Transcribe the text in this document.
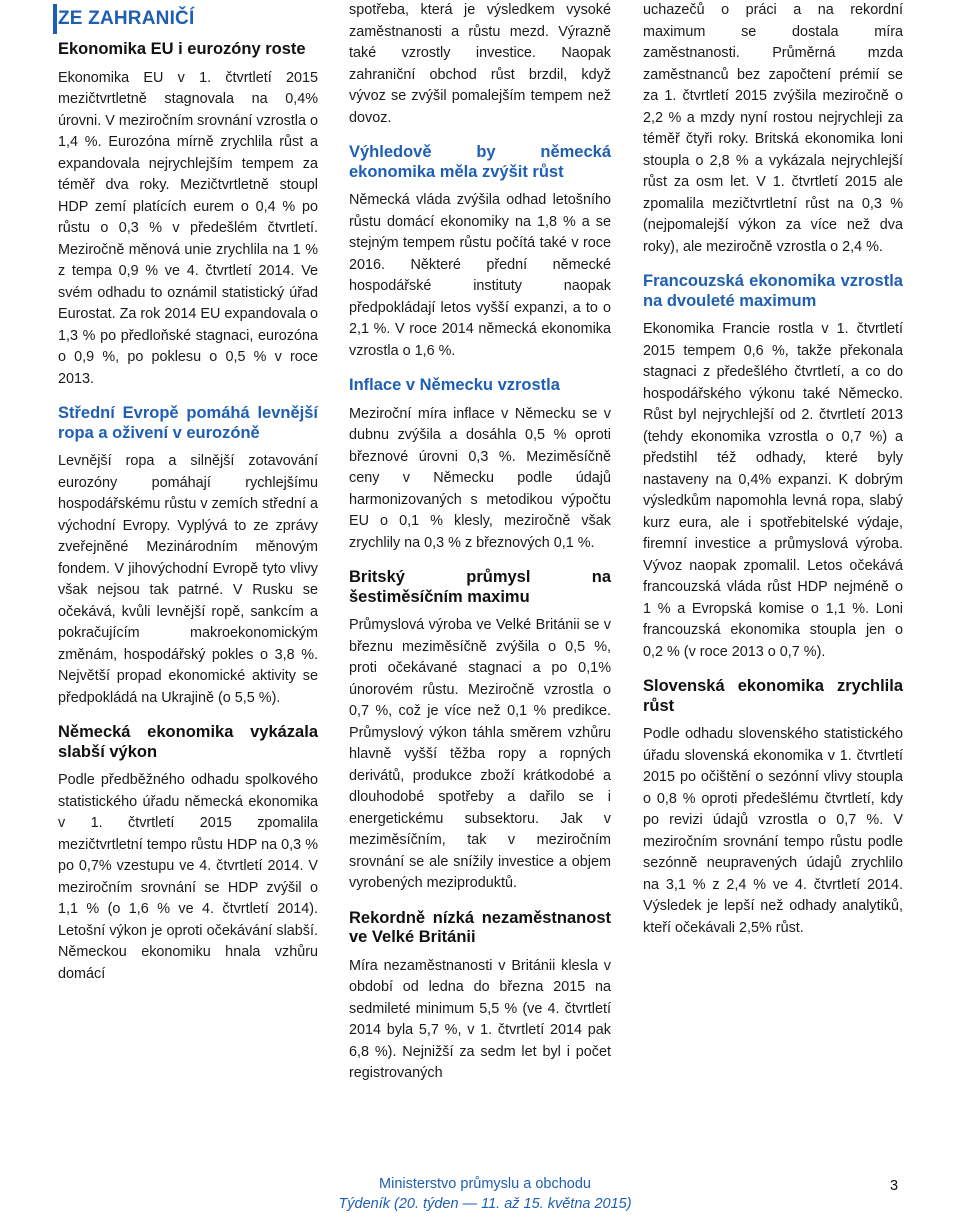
ZE ZAHRANIČÍ
Ekonomika EU i eurozóny roste

Ekonomika EU v 1. čtvrtletí 2015 mezičtvrtletně stagnovala na 0,4% úrovni. V meziročním srovnání vzrostla o 1,4 %. Eurozóna mírně zrychlila růst a expandovala nejrychlejším tempem za téměř dva roky. Mezičtvrtletně stoupl HDP zemí platících eurem o 0,4 % po růstu o 0,3 % v předešlém čtvrtletí. Meziročně měnová unie zrychlila na 1 % z tempa 0,9 % ve 4. čtvrtletí 2014. Ve svém odhadu to oznámil statistický úřad Eurostat. Za rok 2014 EU expandovala o 1,3 % po předloňské stagnaci, eurozóna o 0,9 %, po poklesu o 0,5 % v roce 2013.

Střední Evropě pomáhá levnější ropa a oživení v eurozóně

Levnější ropa a silnější zotavování eurozóny pomáhají rychlejšímu hospodářskému růstu v zemích střední a východní Evropy. Vyplývá to ze zprávy zveřejněné Mezinárodním měnovým fondem. V jihovýchodní Evropě tyto vlivy však nejsou tak patrné. V Rusku se očekává, kvůli levnější ropě, sankcím a pokračujícím makroekonomickým změnám, hospodářský pokles o 3,8 %. Největší propad ekonomické aktivity se předpokládá na Ukrajině (o 5,5 %).

Německá ekonomika vykázala slabší výkon

Podle předběžného odhadu spolkového statistického úřadu německá ekonomika v 1. čtvrtletí 2015 zpomalila mezičtvrtletní tempo růstu HDP na 0,3 % po 0,7% vzestupu ve 4. čtvrtletí 2014. V meziročním srovnání se HDP zvýšil o 1,1 % (o 1,6 % ve 4. čtvrtletí 2014). Letošní výkon je oproti očekávání slabší. Německou ekonomiku hnala vzhůru domácí

spotřeba, která je výsledkem vysoké zaměstnanosti a růstu mezd. Výrazně také vzrostly investice. Naopak zahraniční obchod růst brzdil, když vývoz se zvýšil pomalejším tempem než dovoz.

Výhledově by německá ekonomika měla zvýšit růst

Německá vláda zvýšila odhad letošního růstu domácí ekonomiky na 1,8 % a se stejným tempem růstu počítá také v roce 2016. Některé přední německé hospodářské instituty naopak předpokládají letos vyšší expanzi, a to o 2,1 %. V roce 2014 německá ekonomika vzrostla o 1,6 %.

Inflace v Německu vzrostla

Meziroční míra inflace v Německu se v dubnu zvýšila a dosáhla 0,5 % oproti březnové úrovni 0,3 %. Meziměsíčně ceny v Německu podle údajů harmonizovaných s metodikou výpočtu EU o 0,1 % klesly, meziročně však zrychlily na 0,3 % z březnových 0,1 %.

Britský průmysl na šestiměsíčním maximu

Průmyslová výroba ve Velké Británii se v březnu meziměsíčně zvýšila o 0,5 %, proti očekávané stagnaci a po 0,1% únorovém růstu. Meziročně vzrostla o 0,7 %, což je více než 0,1 % predikce. Průmyslový výkon táhla směrem vzhůru hlavně vyšší těžba ropy a ropných derivátů, produkce zboží krátkodobé a dlouhodobé spotřeby a dařilo se i energetickému subsektoru. Jak v meziměsíčním, tak v meziročním srovnání se ale snížily investice a objem vyrobených meziproduktů.

Rekordně nízká nezaměstnanost ve Velké Británii

Míra nezaměstnanosti v Británii klesla v období od ledna do března 2015 na sedmileté minimum 5,5 % (ve 4. čtvrtletí 2014 byla 5,7 %, v 1. čtvrtletí 2014 pak 6,8 %). Nejnižší za sedm let byl i počet registrovaných

uchazečů o práci a na rekordní maximum se dostala míra zaměstnanosti. Průměrná mzda zaměstnanců bez započtení prémií se za 1. čtvrtletí 2015 zvýšila meziročně o 2,2 % a mzdy nyní rostou nejrychleji za téměř čtyři roky. Britská ekonomika loni stoupla o 2,8 % a vykázala nejrychlejší růst za osm let. V 1. čtvrtletí 2015 ale zpomalila mezičtvrtletní růst na 0,3 % (nejpomalejší výkon za více než dva roky), ale meziročně vzrostla o 2,4 %.

Francouzská ekonomika vzrostla na dvouleté maximum

Ekonomika Francie rostla v 1. čtvrtletí 2015 tempem 0,6 %, takže překonala stagnaci z předešlého čtvrtletí, a co do hospodářského výkonu také Německo. Růst byl nejrychlejší od 2. čtvrtletí 2013 (tehdy ekonomika vzrostla o 0,7 %) a předstihl též odhady, které byly nastaveny na 0,4% expanzi. K dobrým výsledkům napomohla levná ropa, slabý kurz eura, ale i spotřebitelské výdaje, firemní investice a průmyslová výroba. Vývoz naopak zpomalil. Letos očekává francouzská vláda růst HDP nejméně o 1 % a Evropská komise o 1,1 %. Loni francouzská ekonomika stoupla jen o 0,2 % (v roce 2013 o 0,7 %).

Slovenská ekonomika zrychlila růst

Podle odhadu slovenského statistického úřadu slovenská ekonomika v 1. čtvrtletí 2015 po očištění o sezónní vlivy stoupla o 0,8 % oproti předešlému čtvrtletí, kdy po revizi údajů vzrostla o 0,7 %. V meziročním srovnání tempo růstu podle sezónně neupravených údajů zrychlilo na 3,1 % z 2,4 % ve 4. čtvrtletí 2014. Výsledek je lepší než odhady analytiků, kteří očekávali 2,5% růst.

Ministerstvo průmyslu a obchodu
Týdeník (20. týden — 11. až 15. května 2015)
3
